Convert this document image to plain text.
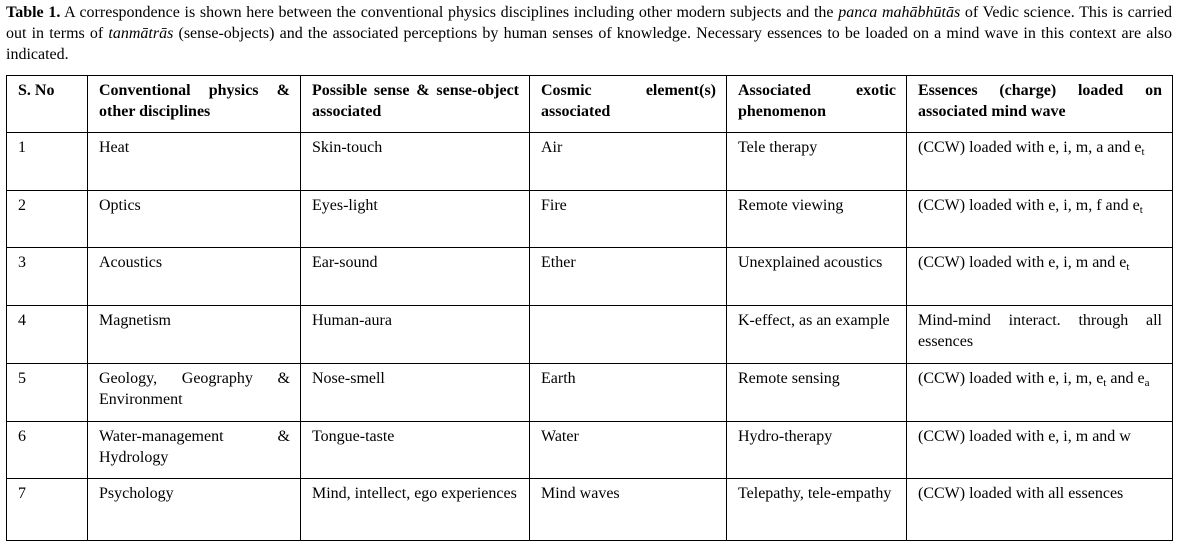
Table 1. A correspondence is shown here between the conventional physics disciplines including other modern subjects and the panca mahābhūtās of Vedic science. This is carried out in terms of tanmātrās (sense-objects) and the associated perceptions by human senses of knowledge. Necessary essences to be loaded on a mind wave in this context are also indicated.
S. No	Conventional physics & other disciplines	Possible sense & sense-object associated	Cosmic element(s) associated	Associated exotic phenomenon	Essences (charge) loaded on associated mind wave
1	Heat	Skin-touch	Air	Tele therapy	(CCW) loaded with e, i, m, a and $e_t$
2	Optics	Eyes-light	Fire	Remote viewing	(CCW) loaded with e, i, m, f and $e_t$
3	Acoustics	Ear-sound	Ether	Unexplained acoustics	(CCW) loaded with e, i, m and $e_t$
4	Magnetism	Human-aura		K-effect, as an example	Mind-mind interact. through all essences
5	Geology, Geography & Environment	Nose-smell	Earth	Remote sensing	(CCW) loaded with e, i, m, $e_t$ and $e_a$
6	Water-management & Hydrology	Tongue-taste	Water	Hydro-therapy	(CCW) loaded with e, i, m and w
7	Psychology	Mind, intellect, ego experiences	Mind waves	Telepathy, tele-empathy	(CCW) loaded with all essences
